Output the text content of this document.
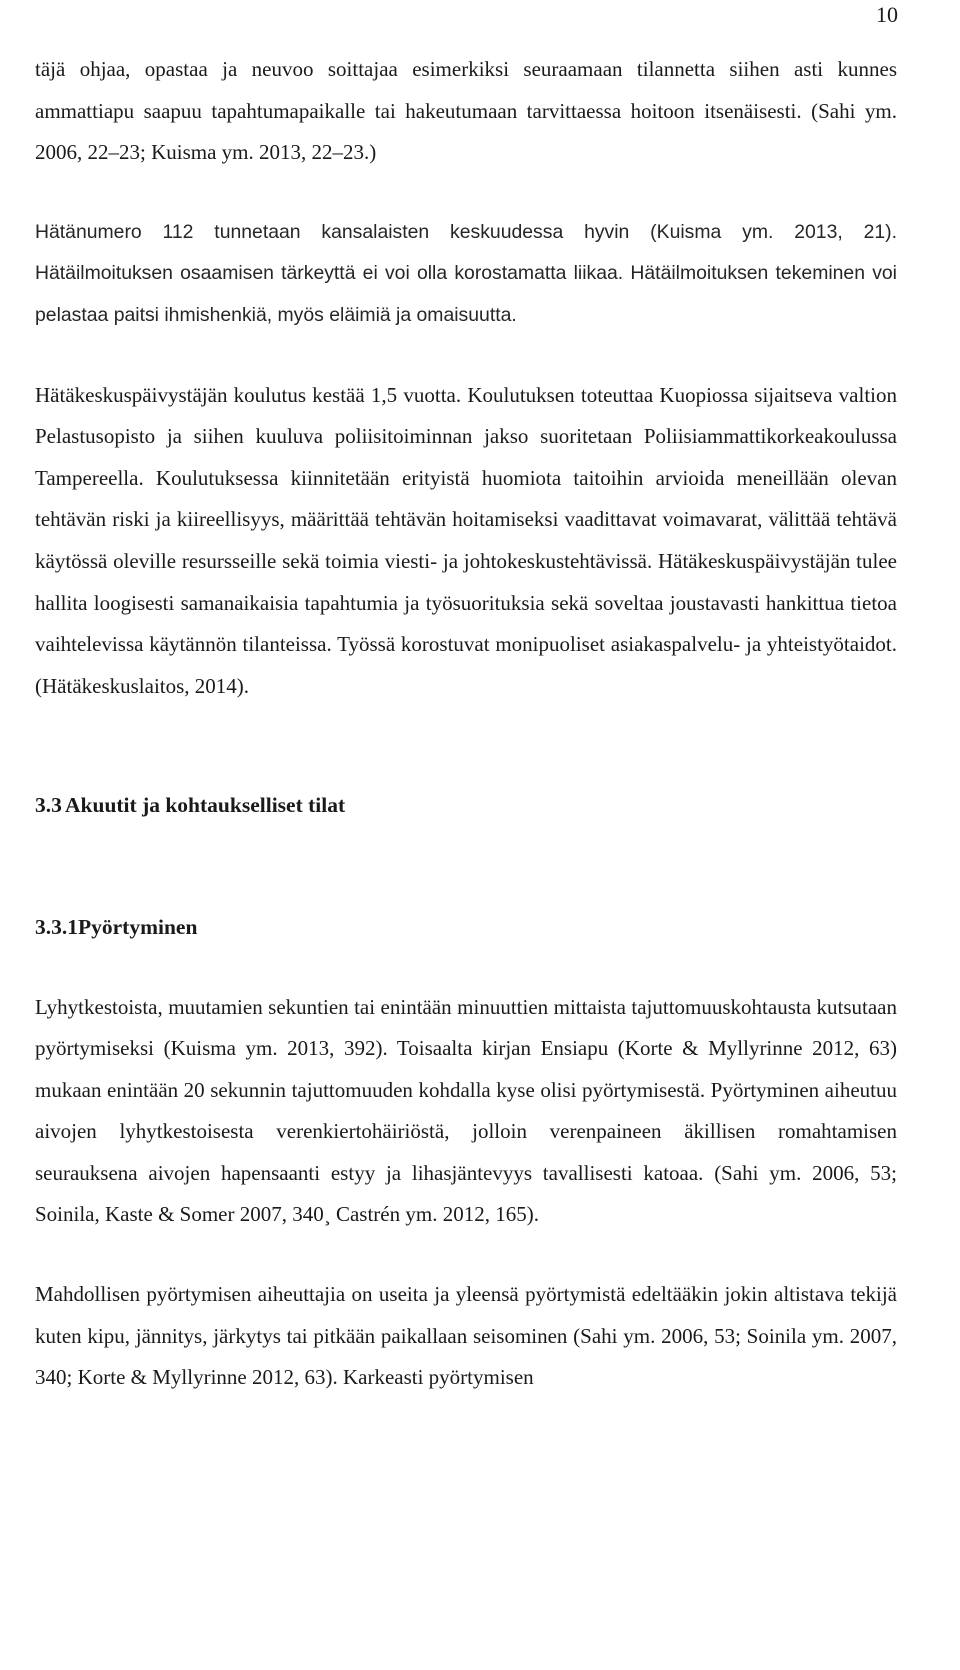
10

täjä ohjaa, opastaa ja neuvoo soittajaa esimerkiksi seuraamaan tilannetta siihen asti kunnes ammattiapu saapuu tapahtumapaikalle tai hakeutumaan tarvittaessa hoitoon itsenäisesti. (Sahi ym. 2006, 22–23; Kuisma ym. 2013, 22–23.)

Hätänumero 112 tunnetaan kansalaisten keskuudessa hyvin (Kuisma ym. 2013, 21). Hätäilmoituksen osaamisen tärkeyttä ei voi olla korostamatta liikaa. Hätäilmoituksen tekeminen voi pelastaa paitsi ihmishenkiä, myös eläimiä ja omaisuutta.

Hätäkeskuspäivystäjän koulutus kestää 1,5 vuotta. Koulutuksen toteuttaa Kuopiossa sijaitseva valtion Pelastusopisto ja siihen kuuluva poliisitoiminnan jakso suoritetaan Poliisiammattikorkeakoulussa Tampereella. Koulutuksessa kiinnitetään erityistä huomiota taitoihin arvioida meneillään olevan tehtävän riski ja kiireellisyys, määrittää tehtävän hoitamiseksi vaadittavat voimavarat, välittää tehtävä käytössä oleville resursseille sekä toimia viesti- ja johtokeskustehtävissä. Hätäkeskuspäivystäjän tulee hallita loogisesti samanaikaisia tapahtumia ja työsuorituksia sekä soveltaa joustavasti hankittua tietoa vaihtelevissa käytännön tilanteissa. Työssä korostuvat monipuoliset asiakaspalvelu- ja yhteistyötaidot. (Hätäkeskuslaitos, 2014).

3.3 Akuutit ja kohtaukselliset tilat
3.3.1 Pyörtyminen

Lyhytkestoista, muutamien sekuntien tai enintään minuuttien mittaista tajuttomuuskohtausta kutsutaan pyörtymiseksi (Kuisma ym. 2013, 392). Toisaalta kirjan Ensiapu (Korte & Myllyrinne 2012, 63) mukaan enintään 20 sekunnin tajuttomuuden kohdalla kyse olisi pyörtymisestä. Pyörtyminen aiheutuu aivojen lyhytkestoisesta verenkiertohäiriöstä, jolloin verenpaineen äkillisen romahtamisen seurauksena aivojen hapensaanti estyy ja lihasjäntevyys tavallisesti katoaa. (Sahi ym. 2006, 53; Soinila, Kaste & Somer 2007, 340¸ Castrén ym. 2012, 165).

Mahdollisen pyörtymisen aiheuttajia on useita ja yleensä pyörtymistä edeltääkin jokin altistava tekijä kuten kipu, jännitys, järkytys tai pitkään paikallaan seisominen (Sahi ym. 2006, 53; Soinila ym. 2007, 340; Korte & Myllyrinne 2012, 63). Karkeasti pyörtymisen
